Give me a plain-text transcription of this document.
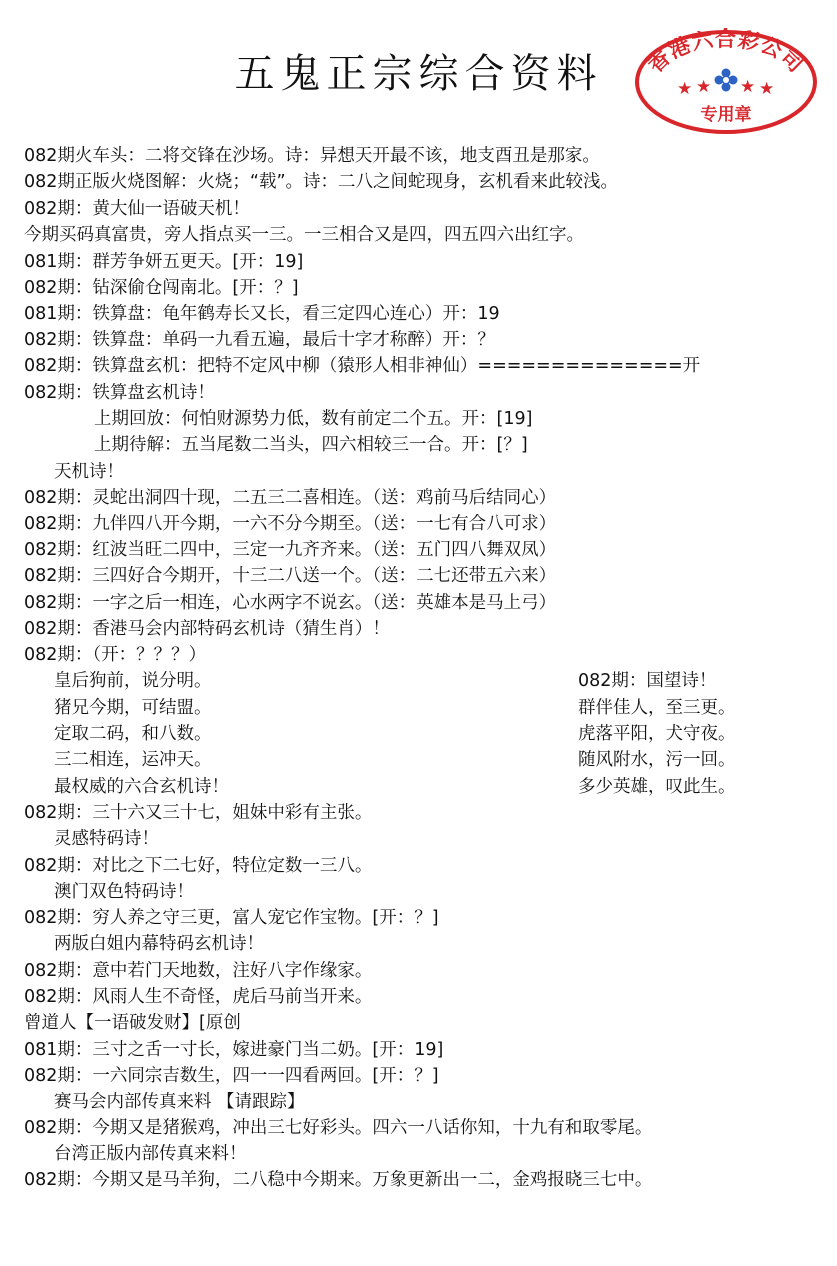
五鬼正宗综合资料	香港六合彩公司
★ ★ ★ ★
专用章
082期火车头：二将交锋在沙场。诗：异想天开最不该，地支酉丑是那家。
082期正版火烧图解：火烧；“载”。诗：二八之间蛇现身，玄机看来此较浅。
082期：黄大仙一语破天机！
今期买码真富贵，旁人指点买一三。一三相合又是四，四五四六出红字。
081期：群芳争妍五更天。[开：19]
082期：钻深偷仓闯南北。[开：？]
081期：铁算盘：龟年鹤寿长又长，看三定四心连心）开：19
082期：铁算盘：单码一九看五遍，最后十字才称醉）开：？
082期：铁算盘玄机：把特不定风中柳（猿形人相非神仙）==============开
082期：铁算盘玄机诗！
上期回放：何怕财源势力低，数有前定二个五。开：[19]
上期待解：五当尾数二当头，四六相较三一合。开：[？]
天机诗！
082期：灵蛇出洞四十现，二五三二喜相连。（送：鸡前马后结同心）
082期：九伴四八开今期，一六不分今期至。（送：一七有合八可求）
082期：红波当旺二四中，三定一九齐齐来。（送：五门四八舞双凤）
082期：三四好合今期开，十三二八送一个。（送：二七还带五六来）
082期：一字之后一相连，心水两字不说玄。（送：英雄本是马上弓）
082期：香港马会内部特码玄机诗（猜生肖）！
082期：（开：？？？）
皇后狗前，说分明。
猪兄今期，可结盟。
定取二码，和八数。
三二相连，运冲天。
最权威的六合玄机诗！
082期：三十六又三十七，姐妹中彩有主张。
灵感特码诗！
082期：对比之下二七好，特位定数一三八。
澳门双色特码诗！
082期：穷人养之守三更，富人宠它作宝物。[开：？]
两版白姐内幕特码玄机诗！
082期：意中若门天地数，注好八字作缘家。
082期：风雨人生不奇怪，虎后马前当开来。
曾道人【一语破发财】[原创
081期：三寸之舌一寸长，嫁进豪门当二奶。[开：19]
082期：一六同宗吉数生，四一一四看两回。[开：？]
赛马会内部传真来料 【请跟踪】
082期：今期又是猪猴鸡，冲出三七好彩头。四六一八话你知，十九有和取零尾。
台湾正版内部传真来料！
082期：今期又是马羊狗，二八稳中今期来。万象更新出一二，金鸡报晓三七中。
082期：国望诗！
群伴佳人，至三更。
虎落平阳，犬守夜。
随风附水，污一回。
多少英雄，叹此生。
